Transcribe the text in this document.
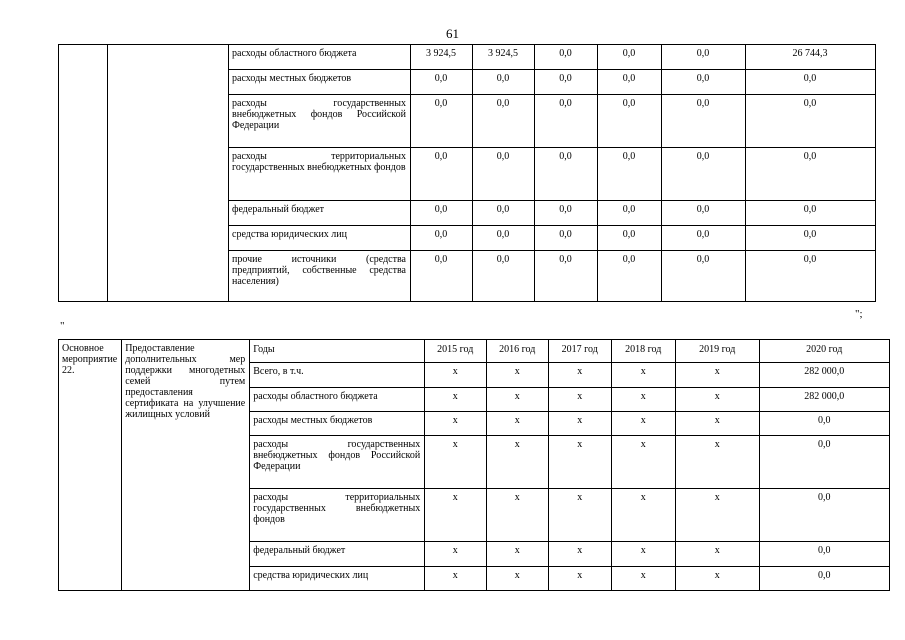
61
		расходы областного бюджета	3 924,5	3 924,5	0,0	0,0	0,0	26 744,3
		расходы местных бюджетов	0,0	0,0	0,0	0,0	0,0	0,0
		расходы государственных внебюджетных фондов Российской Федерации	0,0	0,0	0,0	0,0	0,0	0,0
		расходы территориальных государственных внебюджетных фондов	0,0	0,0	0,0	0,0	0,0	0,0
		федеральный бюджет	0,0	0,0	0,0	0,0	0,0	0,0
		средства юридических лиц	0,0	0,0	0,0	0,0	0,0	0,0
		прочие источники (средства предприятий, собственные средства населения)	0,0	0,0	0,0	0,0	0,0	0,0
";
"
Основное мероприятие 22.	Предоставление дополнительных мер поддержки многодетных семей путем предоставления сертификата на улучшение жилищных условий	Годы	2015 год	2016 год	2017 год	2018 год	2019 год	2020 год
		Всего, в т.ч.	х	х	х	х	х	282 000,0
		расходы областного бюджета	х	х	х	х	х	282 000,0
		расходы местных бюджетов	х	х	х	х	х	0,0
		расходы государственных внебюджетных фондов Российской Федерации	х	х	х	х	х	0,0
		расходы территориальных государственных внебюджетных фондов	х	х	х	х	х	0,0
		федеральный бюджет	х	х	х	х	х	0,0
		средства юридических лиц	х	х	х	х	х	0,0
